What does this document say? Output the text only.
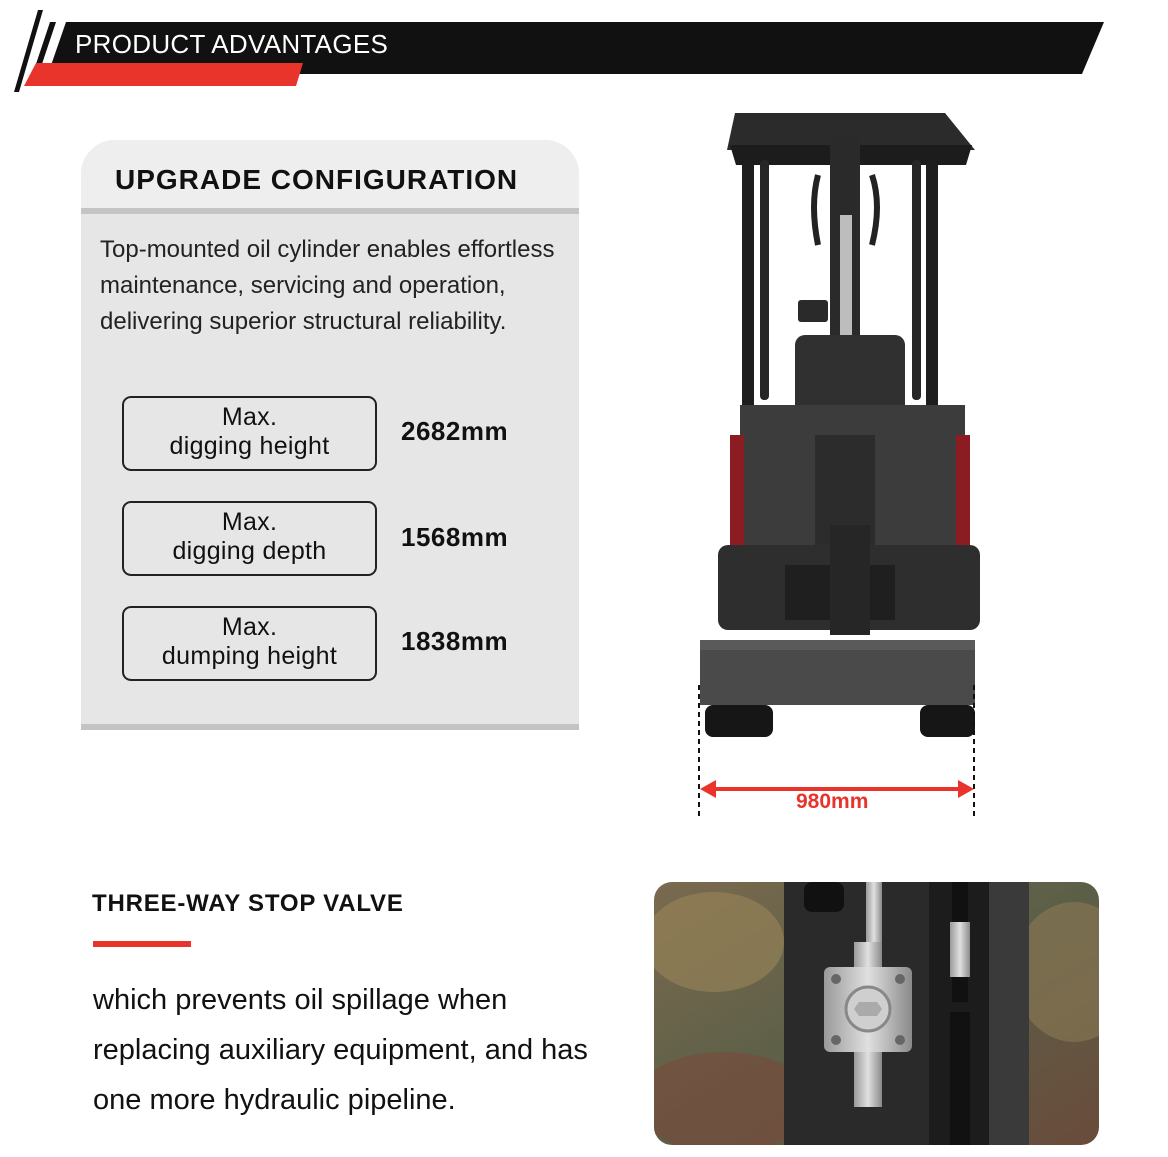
PRODUCT ADVANTAGES
UPGRADE CONFIGURATION
Top-mounted oil cylinder enables effortless maintenance, servicing and operation, delivering superior structural reliability.
Max.
digging height	2682mm
Max.
digging depth	1568mm
Max.
dumping height	1838mm
980mm
THREE-WAY STOP VALVE
which prevents oil spillage when replacing auxiliary equipment, and has one more hydraulic pipeline.
